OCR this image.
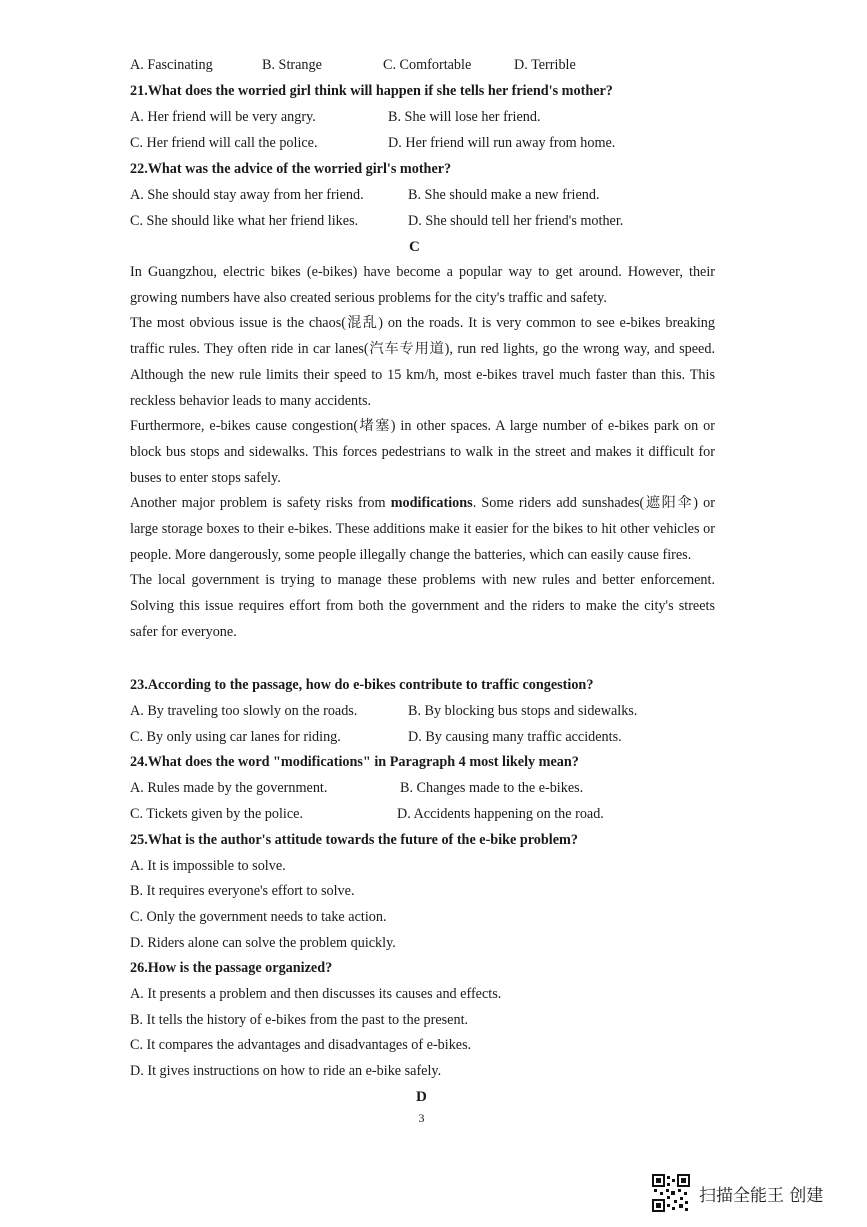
A. Fascinating	B. Strange	C. Comfortable	D. Terrible
21.What does the worried girl think will happen if she tells her friend's mother?
A. Her friend will be very angry.	B. She will lose her friend.
C. Her friend will call the police.	D. Her friend will run away from home.
22.What was the advice of the worried girl's mother?
A. She should stay away from her friend.	B. She should make a new friend.
C. She should like what her friend likes.	D. She should tell her friend's mother.
C
In Guangzhou, electric bikes (e-bikes) have become a popular way to get around. However, their growing numbers have also created serious problems for the city's traffic and safety.
The most obvious issue is the chaos(混乱) on the roads. It is very common to see e-bikes breaking traffic rules. They often ride in car lanes(汽车专用道), run red lights, go the wrong way, and speed. Although the new rule limits their speed to 15 km/h, most e-bikes travel much faster than this. This reckless behavior leads to many accidents.
Furthermore, e-bikes cause congestion(堵塞) in other spaces. A large number of e-bikes park on or block bus stops and sidewalks. This forces pedestrians to walk in the street and makes it difficult for buses to enter stops safely.
Another major problem is safety risks from modifications. Some riders add sunshades(遮阳伞) or large storage boxes to their e-bikes. These additions make it easier for the bikes to hit other vehicles or people. More dangerously, some people illegally change the batteries, which can easily cause fires.
The local government is trying to manage these problems with new rules and better enforcement. Solving this issue requires effort from both the government and the riders to make the city's streets safer for everyone.
23.According to the passage, how do e-bikes contribute to traffic congestion?
A. By traveling too slowly on the roads.	B. By blocking bus stops and sidewalks.
C. By only using car lanes for riding.	D. By causing many traffic accidents.
24.What does the word "modifications" in Paragraph 4 most likely mean?
A. Rules made by the government.	B. Changes made to the e-bikes.
C. Tickets given by the police.	D. Accidents happening on the road.
25.What is the author's attitude towards the future of the e-bike problem?
A. It is impossible to solve.
B. It requires everyone's effort to solve.
C. Only the government needs to take action.
D. Riders alone can solve the problem quickly.
26.How is the passage organized?
A. It presents a problem and then discusses its causes and effects.
B. It tells the history of e-bikes from the past to the present.
C. It compares the advantages and disadvantages of e-bikes.
D. It gives instructions on how to ride an e-bike safely.
D
3
扫描全能王 创建
